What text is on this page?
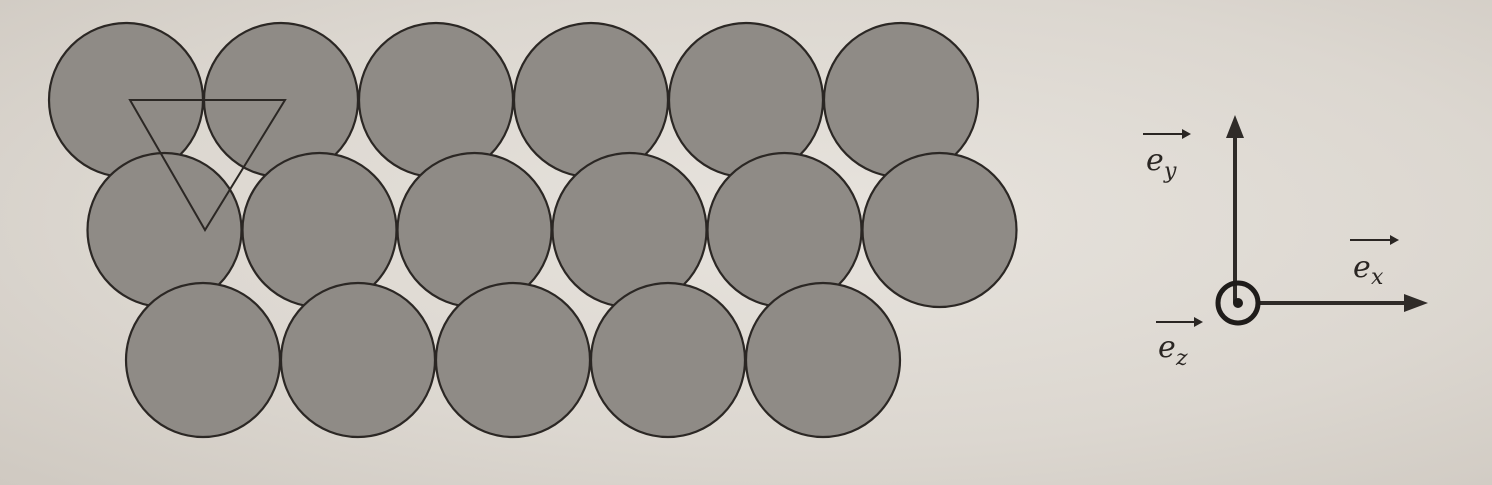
e y
e x
e z
